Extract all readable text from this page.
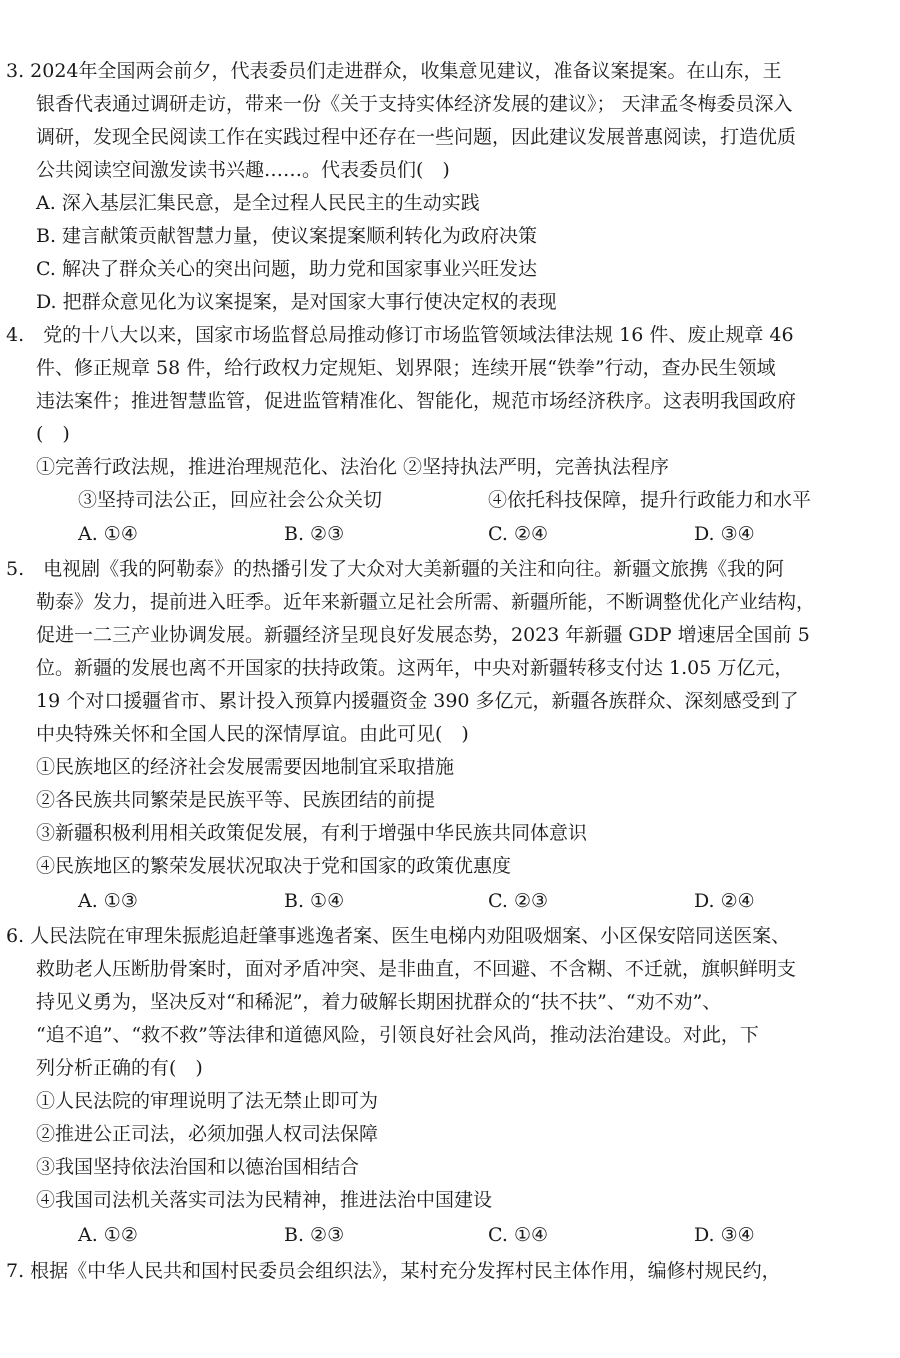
3. 2024年全国两会前夕，代表委员们走进群众，收集意见建议，准备议案提案。在山东，王
银香代表通过调研走访，带来一份《关于支持实体经济发展的建议》； 天津孟冬梅委员深入
调研，发现全民阅读工作在实践过程中还存在一些问题，因此建议发展普惠阅读，打造优质
公共阅读空间激发读书兴趣……。代表委员们(　)
A. 深入基层汇集民意，是全过程人民民主的生动实践
B. 建言献策贡献智慧力量，使议案提案顺利转化为政府决策
C. 解决了群众关心的突出问题，助力党和国家事业兴旺发达
D. 把群众意见化为议案提案，是对国家大事行使决定权的表现
4.　党的十八大以来，国家市场监督总局推动修订市场监管领域法律法规 16 件、废止规章 46
件、修正规章 58 件，给行政权力定规矩、划界限；连续开展“铁拳”行动，查办民生领域
违法案件；推进智慧监管，促进监管精准化、智能化，规范市场经济秩序。这表明我国政府
(　)
①完善行政法规，推进治理规范化、法治化 ②坚持执法严明，完善执法程序
③坚持司法公正，回应社会公众关切	④依托科技保障，提升行政能力和水平
A. ①④	B. ②③	C. ②④	D. ③④
5.　电视剧《我的阿勒泰》的热播引发了大众对大美新疆的关注和向往。新疆文旅携《我的阿
勒泰》发力，提前进入旺季。近年来新疆立足社会所需、新疆所能，不断调整优化产业结构，
促进一二三产业协调发展。新疆经济呈现良好发展态势，2023 年新疆 GDP 增速居全国前 5
位。新疆的发展也离不开国家的扶持政策。这两年，中央对新疆转移支付达 1.05 万亿元，
19 个对口援疆省市、累计投入预算内援疆资金 390 多亿元，新疆各族群众、深刻感受到了
中央特殊关怀和全国人民的深情厚谊。由此可见(　)
①民族地区的经济社会发展需要因地制宜采取措施
②各民族共同繁荣是民族平等、民族团结的前提
③新疆积极利用相关政策促发展，有利于增强中华民族共同体意识
④民族地区的繁荣发展状况取决于党和国家的政策优惠度
A. ①③	B. ①④	C. ②③	D. ②④
6. 人民法院在审理朱振彪追赶肇事逃逸者案、医生电梯内劝阻吸烟案、小区保安陪同送医案、
救助老人压断肋骨案时，面对矛盾冲突、是非曲直，不回避、不含糊、不迁就，旗帜鲜明支
持见义勇为，坚决反对“和稀泥”，着力破解长期困扰群众的“扶不扶”、“劝不劝”、
“追不追”、“救不救”等法律和道德风险，引领良好社会风尚，推动法治建设。对此，下
列分析正确的有(　)
①人民法院的审理说明了法无禁止即可为
②推进公正司法，必须加强人权司法保障
③我国坚持依法治国和以德治国相结合
④我国司法机关落实司法为民精神，推进法治中国建设
A. ①②	B. ②③	C. ①④	D. ③④
7. 根据《中华人民共和国村民委员会组织法》，某村充分发挥村民主体作用，编修村规民约，
